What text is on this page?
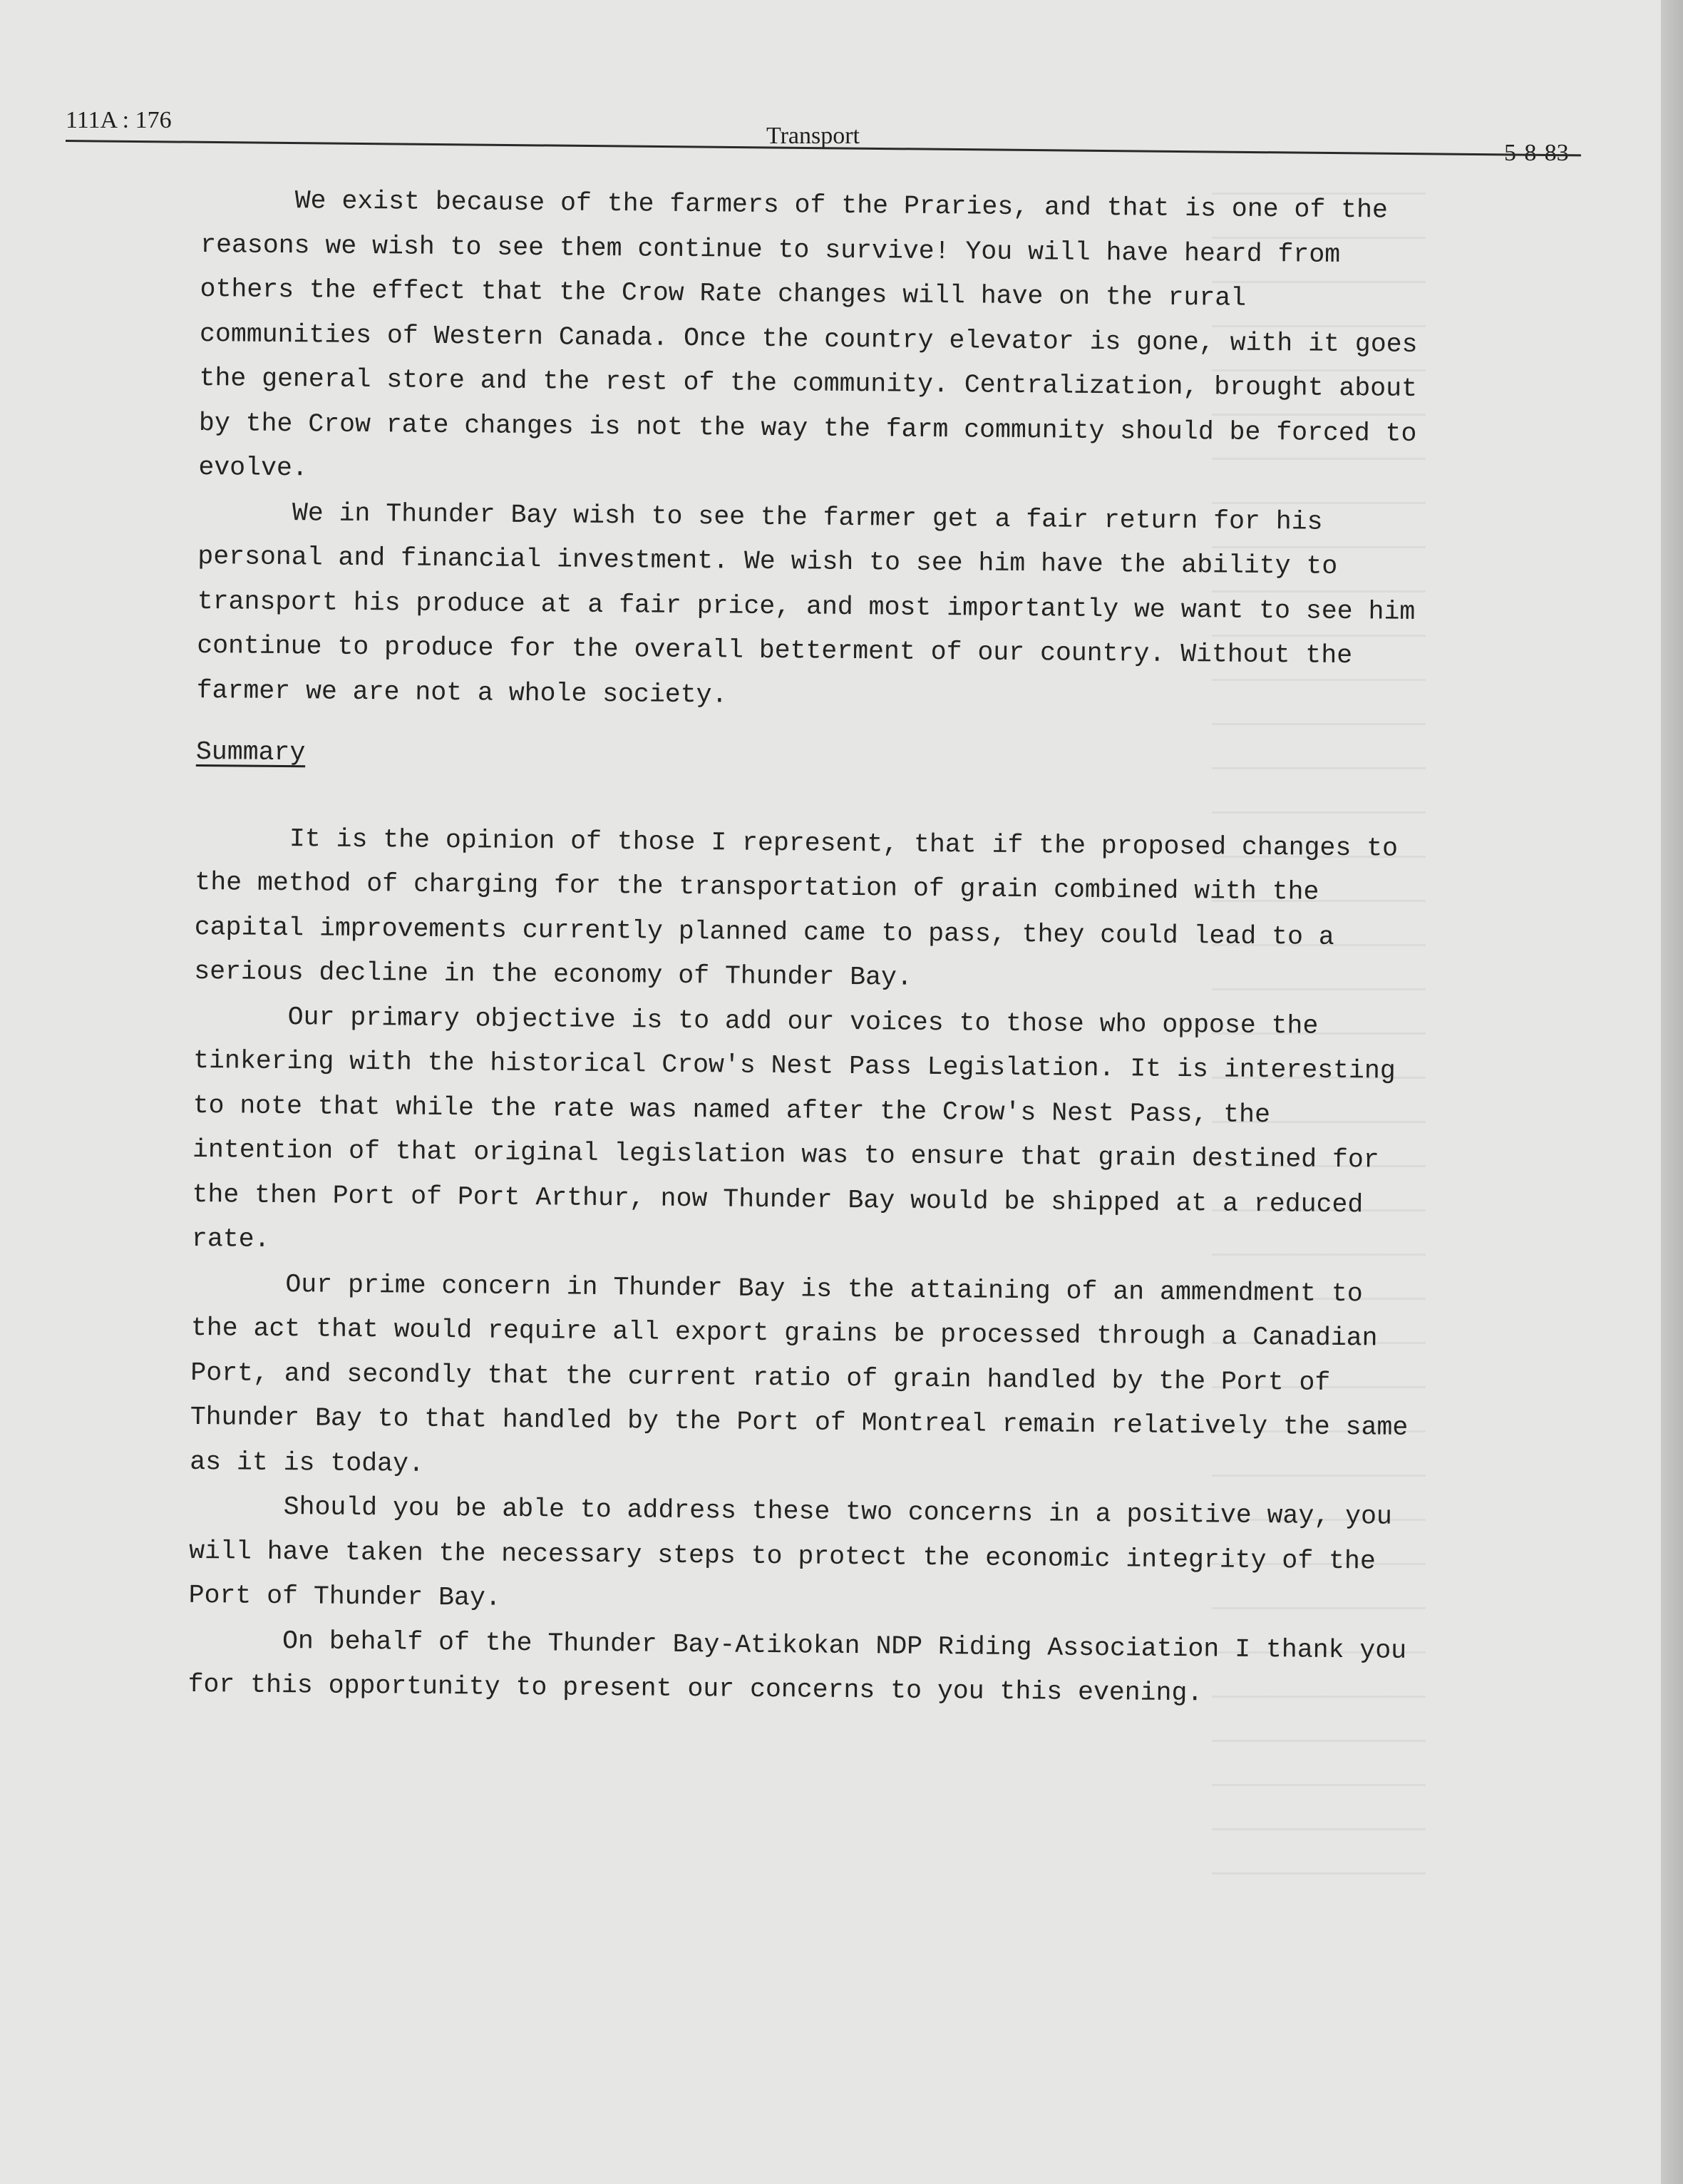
111A : 176
Transport
5-8-83

We exist because of the farmers of the Praries, and that is one of the reasons we wish to see them continue to survive! You will have heard from others the effect that the Crow Rate changes will have on the rural communities of Western Canada. Once the country elevator is gone, with it goes the general store and the rest of the community. Centralization, brought about by the Crow rate changes is not the way the farm community should be forced to evolve.

We in Thunder Bay wish to see the farmer get a fair return for his personal and financial investment. We wish to see him have the ability to transport his produce at a fair price, and most importantly we want to see him continue to produce for the overall betterment of our country. Without the farmer we are not a whole society.

Summary

It is the opinion of those I represent, that if the proposed changes to the method of charging for the transportation of grain combined with the capital improvements currently planned came to pass, they could lead to a serious decline in the economy of Thunder Bay.

Our primary objective is to add our voices to those who oppose the tinkering with the historical Crow's Nest Pass Legislation. It is interesting to note that while the rate was named after the Crow's Nest Pass, the intention of that original legislation was to ensure that grain destined for the then Port of Port Arthur, now Thunder Bay would be shipped at a reduced rate.

Our prime concern in Thunder Bay is the attaining of an ammendment to the act that would require all export grains be processed through a Canadian Port, and secondly that the current ratio of grain handled by the Port of Thunder Bay to that handled by the Port of Montreal remain relatively the same as it is today.

Should you be able to address these two concerns in a positive way, you will have taken the necessary steps to protect the economic integrity of the Port of Thunder Bay.

On behalf of the Thunder Bay-Atikokan NDP Riding Association I thank you for this opportunity to present our concerns to you this evening.
